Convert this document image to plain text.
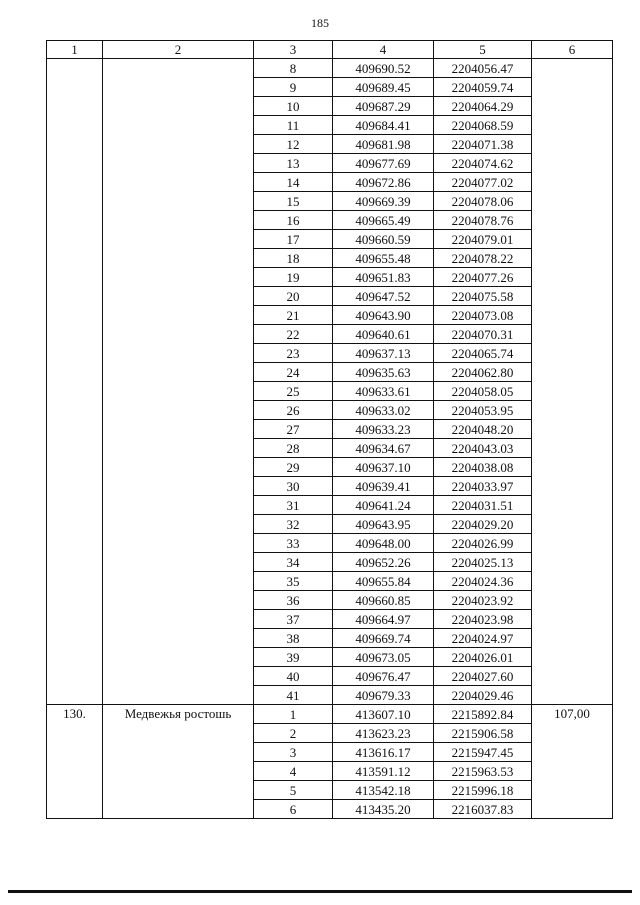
185
1	2	3	4	5	6
		8	409690.52	2204056.47	
		9	409689.45	2204059.74	
		10	409687.29	2204064.29	
		11	409684.41	2204068.59	
		12	409681.98	2204071.38	
		13	409677.69	2204074.62	
		14	409672.86	2204077.02	
		15	409669.39	2204078.06	
		16	409665.49	2204078.76	
		17	409660.59	2204079.01	
		18	409655.48	2204078.22	
		19	409651.83	2204077.26	
		20	409647.52	2204075.58	
		21	409643.90	2204073.08	
		22	409640.61	2204070.31	
		23	409637.13	2204065.74	
		24	409635.63	2204062.80	
		25	409633.61	2204058.05	
		26	409633.02	2204053.95	
		27	409633.23	2204048.20	
		28	409634.67	2204043.03	
		29	409637.10	2204038.08	
		30	409639.41	2204033.97	
		31	409641.24	2204031.51	
		32	409643.95	2204029.20	
		33	409648.00	2204026.99	
		34	409652.26	2204025.13	
		35	409655.84	2204024.36	
		36	409660.85	2204023.92	
		37	409664.97	2204023.98	
		38	409669.74	2204024.97	
		39	409673.05	2204026.01	
		40	409676.47	2204027.60	
		41	409679.33	2204029.46	
130.	Медвежья ростошь	1	413607.10	2215892.84	107,00
		2	413623.23	2215906.58	
		3	413616.17	2215947.45	
		4	413591.12	2215963.53	
		5	413542.18	2215996.18	
		6	413435.20	2216037.83	
